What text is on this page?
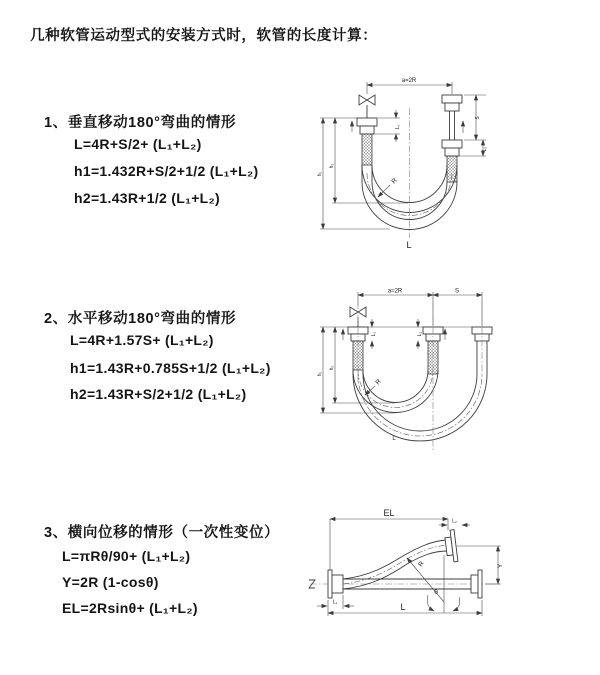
几种软管运动型式的安装方式时，软管的长度计算：
1、垂直移动180°弯曲的情形
L=4R+S/2+ (L₁+L₂)
h1=1.432R+S/2+1/2 (L₁+L₂)
h2=1.43R+1/2 (L₁+L₂)
a=2R
h₁
h₂
L₁
S
L₂
R
L
2、水平移动180°弯曲的情形
L=4R+1.57S+ (L₁+L₂)
h1=1.43R+0.785S+1/2 (L₁+L₂)
h2=1.43R+S/2+1/2 (L₁+L₂)
a=2R	S
h₁
h₂
L₁	L₂
R
L
3、横向位移的情形（一次性变位）
L=πRθ/90+ (L₁+L₂)
Y=2R (1-cosθ)
EL=2Rsinθ+ (L₁+L₂)
EL
L₂
Y
L
L₁
R
θ
